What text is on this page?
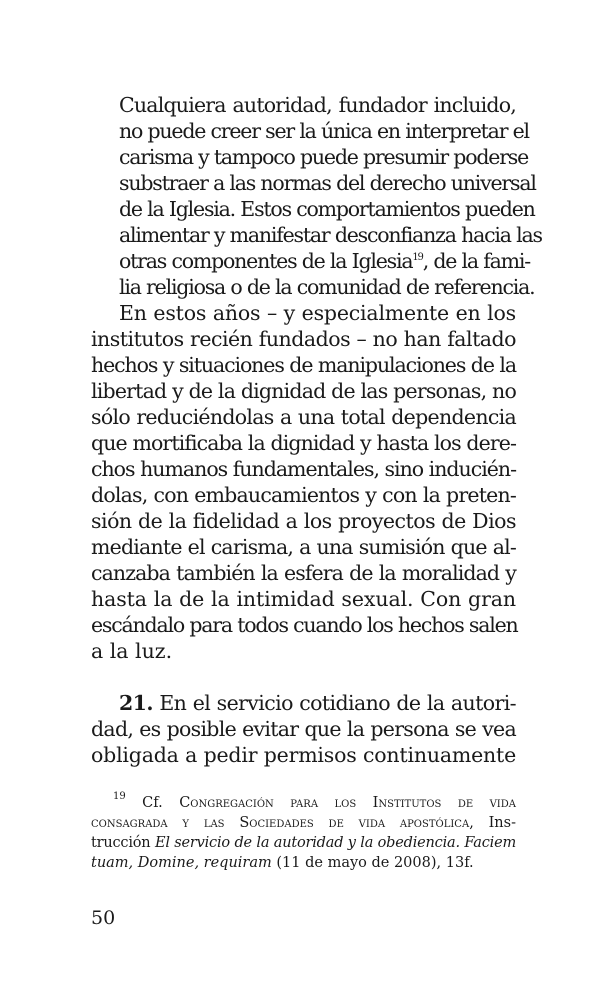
Cualquiera autoridad, fundador incluido,
no puede creer ser la única en interpretar el
carisma y tampoco puede presumir poderse
substraer a las normas del derecho universal
de la Iglesia. Estos comportamientos pueden
alimentar y manifestar desconfianza hacia las
otras componentes de la Iglesia$^{19}$, de la fami-
lia religiosa o de la comunidad de referencia.

En estos años – y especialmente en los
institutos recién fundados – no han faltado
hechos y situaciones de manipulaciones de la
libertad y de la dignidad de las personas, no
sólo reduciéndolas a una total dependencia
que mortificaba la dignidad y hasta los dere-
chos humanos fundamentales, sino inducién-
dolas, con embaucamientos y con la preten-
sión de la fidelidad a los proyectos de Dios
mediante el carisma, a una sumisión que al-
canzaba también la esfera de la moralidad y
hasta la de la intimidad sexual. Con gran
escándalo para todos cuando los hechos salen
a la luz.

21. En el servicio cotidiano de la autori-
dad, es posible evitar que la persona se vea
obligada a pedir permisos continuamente

$^{19}$ Cf. Congregación para los Institutos de vida
consagrada y las Sociedades de vida apostólica, Ins-
trucción El servicio de la autoridad y la obediencia. Faciem
tuam, Domine, requiram (11 de mayo de 2008), 13f.
50
